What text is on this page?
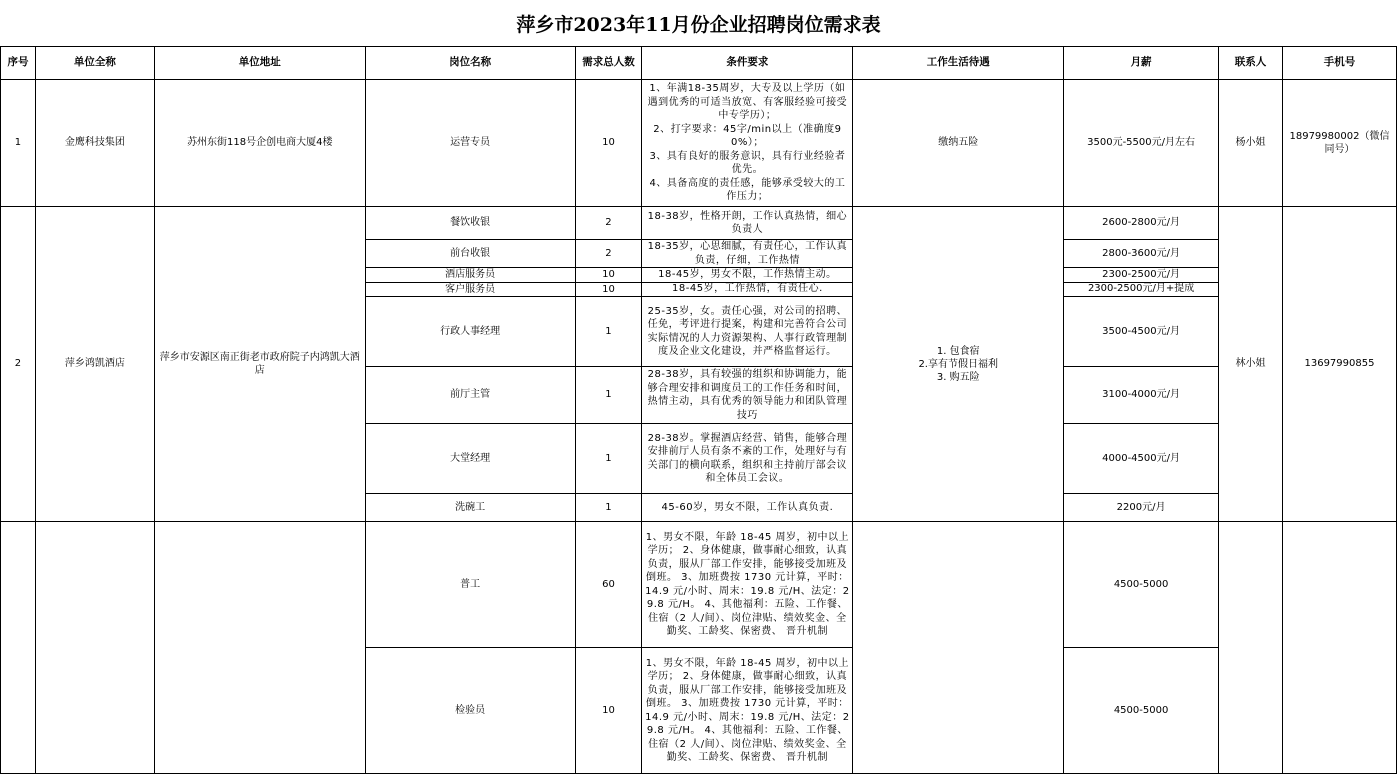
萍乡市2023年11月份企业招聘岗位需求表
序号	单位全称	单位地址	岗位名称	需求总人数	条件要求	工作生活待遇	月薪	联系人	手机号
1	金鹰科技集团	苏州东街118号企创电商大厦4楼	运营专员	10	1、年满18-35周岁，大专及以上学历（如遇到优秀的可适当放宽、有客服经验可接受中专学历）；
2、打字要求：45字/min以上（准确度90%）；
3、具有良好的服务意识，具有行业经验者优先。
4、具备高度的责任感，能够承受较大的工作压力；	缴纳五险	3500元-5500元/月左右	杨小姐	18979980002（微信同号）
2	萍乡鸿凯酒店	萍乡市安源区南正街老市政府院子内鸿凯大酒店	餐饮收银	2	18-38岁，性格开朗，工作认真热情，细心负责人	1. 包食宿
2.享有节假日福利
3. 购五险	2600-2800元/月	林小姐	13697990855
			前台收银	2	18-35岁，心思细腻，有责任心，工作认真负责，仔细，工作热情		2800-3600元/月		
			酒店服务员	10	18-45岁，男女不限，工作热情主动。		2300-2500元/月		
			客户服务员	10	18-45岁，工作热情，有责任心.		2300-2500元/月+提成		
			行政人事经理	1	25-35岁，女。责任心强，对公司的招聘、任免，考评进行提案，构建和完善符合公司实际情况的人力资源架构、人事行政管理制度及企业文化建设，并严格监督运行。		3500-4500元/月		
			前厅主管	1	28-38岁，具有较强的组织和协调能力，能够合理安排和调度员工的工作任务和时间，热情主动，具有优秀的领导能力和团队管理技巧		3100-4000元/月		
			大堂经理	1	28-38岁。掌握酒店经营、销售，能够合理安排前厅人员有条不紊的工作，处理好与有关部门的横向联系，组织和主持前厅部会议和全体员工会议。		4000-4500元/月		
			洗碗工	1	45-60岁，男女不限，工作认真负责.		2200元/月		
			普工	60	1、男女不限，年龄 18-45 周岁，初中以上学历； 2、身体健康，做事耐心细致，认真负责，服从厂部工作安排，能够接受加班及倒班。 3、加班费按 1730 元计算，平时：14.9 元/小时、周末：19.8 元/H、法定：29.8 元/H。 4、其他福利：五险、工作餐、住宿（2 人/间）、岗位津贴、绩效奖金、全勤奖、工龄奖、保密费、 晋升机制		4500-5000		
			检验员	10	1、男女不限，年龄 18-45 周岁，初中以上学历； 2、身体健康，做事耐心细致，认真负责，服从厂部工作安排，能够接受加班及倒班。 3、加班费按 1730 元计算，平时：14.9 元/小时、周末：19.8 元/H、法定：29.8 元/H。 4、其他福利：五险、工作餐、住宿（2 人/间）、岗位津贴、绩效奖金、全勤奖、工龄奖、保密费、 晋升机制		4500-5000		
